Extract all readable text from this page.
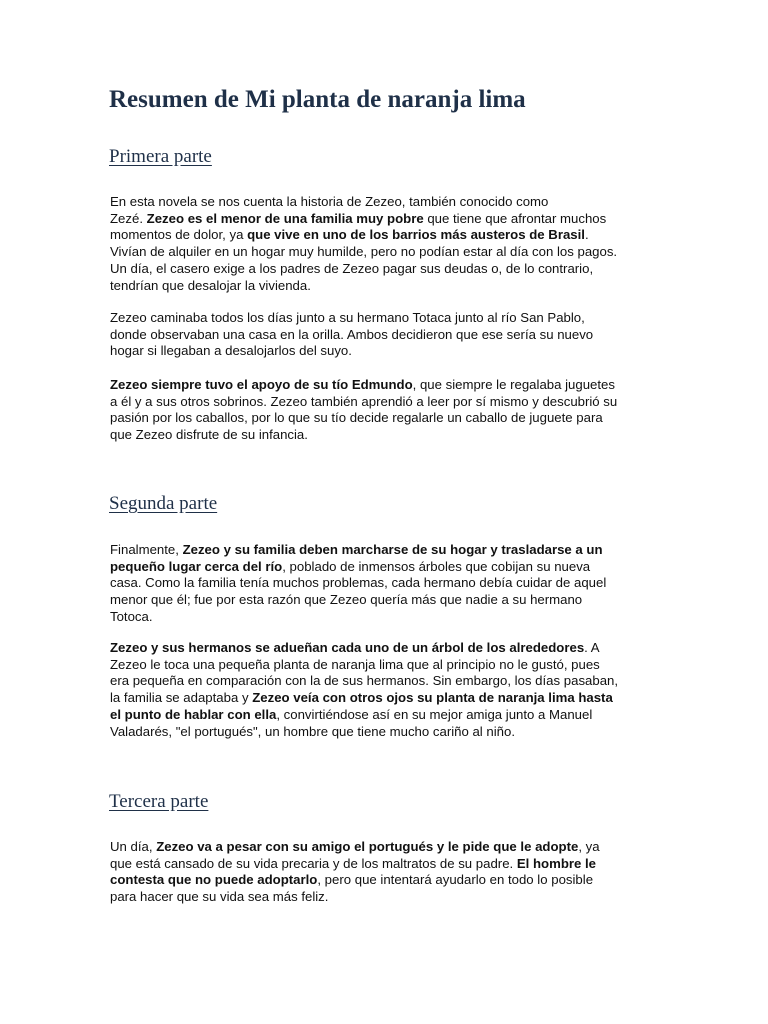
Resumen de Mi planta de naranja lima
Primera parte

En esta novela se nos cuenta la historia de Zezeo, también conocido como
Zezé. Zezeo es el menor de una familia muy pobre que tiene que afrontar muchos
momentos de dolor, ya que vive en uno de los barrios más austeros de Brasil.
Vivían de alquiler en un hogar muy humilde, pero no podían estar al día con los pagos.
Un día, el casero exige a los padres de Zezeo pagar sus deudas o, de lo contrario,
tendrían que desalojar la vivienda.

Zezeo caminaba todos los días junto a su hermano Totaca junto al río San Pablo,
donde observaban una casa en la orilla. Ambos decidieron que ese sería su nuevo
hogar si llegaban a desalojarlos del suyo.

Zezeo siempre tuvo el apoyo de su tío Edmundo, que siempre le regalaba juguetes
a él y a sus otros sobrinos. Zezeo también aprendió a leer por sí mismo y descubrió su
pasión por los caballos, por lo que su tío decide regalarle un caballo de juguete para
que Zezeo disfrute de su infancia.

Segunda parte

Finalmente, Zezeo y su familia deben marcharse de su hogar y trasladarse a un
pequeño lugar cerca del río, poblado de inmensos árboles que cobijan su nueva
casa. Como la familia tenía muchos problemas, cada hermano debía cuidar de aquel
menor que él; fue por esta razón que Zezeo quería más que nadie a su hermano
Totoca.

Zezeo y sus hermanos se adueñan cada uno de un árbol de los alrededores. A
Zezeo le toca una pequeña planta de naranja lima que al principio no le gustó, pues
era pequeña en comparación con la de sus hermanos. Sin embargo, los días pasaban,
la familia se adaptaba y Zezeo veía con otros ojos su planta de naranja lima hasta
el punto de hablar con ella, convirtiéndose así en su mejor amiga junto a Manuel
Valadarés, "el portugués", un hombre que tiene mucho cariño al niño.

Tercera parte

Un día, Zezeo va a pesar con su amigo el portugués y le pide que le adopte, ya
que está cansado de su vida precaria y de los maltratos de su padre. El hombre le
contesta que no puede adoptarlo, pero que intentará ayudarlo en todo lo posible
para hacer que su vida sea más feliz.
